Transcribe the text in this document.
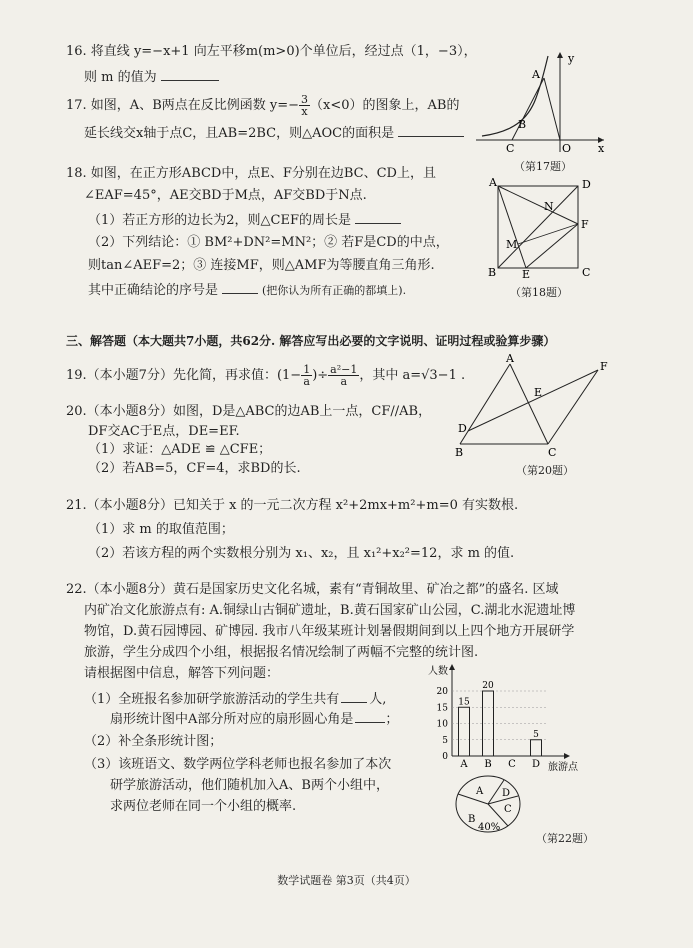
16. 将直线 y=−x+1 向左平移m(m>0)个单位后，经过点（1，−3），
则 m 的值为
17. 如图，A、B两点在反比例函数 $y=- \frac{3}{x} (x<0)$的图象上，AB的
延长线交x轴于点C，且AB=2BC，则△AOC的面积是
y
x
A
B
C	O
（第17题）
18. 如图，在正方形ABCD中，点E、F分别在边BC、CD上，且
∠EAF=45°，AE交BD于M点，AF交BD于N点.
（1）若正方形的边长为2，则△CEF的周长是
（2）下列结论：① BM²+DN²=MN²；② 若F是CD的中点，
则tan∠AEF=2；③ 连接MF，则△AMF为等腰直角三角形.
其中正确结论的序号是	(把你认为所有正确的都填上).
A	D
B	C
E
F
M
N
（第18题）
三、解答题（本大题共7小题，共62分. 解答应写出必要的文字说明、证明过程或验算步骤）
19.（本小题7分）先化简，再求值：($1- \frac{1}{a}$ )÷ $\frac{\text{a²−1}}{a}$ ，其中 a=√3−1 .
20.（本小题8分）如图，D是△ABC的边AB上一点，CF//AB，
DF交AC于E点，DE=EF.
（1）求证：△ADE ≌ △CFE；
（2）若AB=5，CF=4，求BD的长.
A
B	C
D
E
F
（第20题）
21.（本小题8分）已知关于 x 的一元二次方程 x²+2mx+m²+m=0 有实数根.
（1）求 m 的取值范围；
（2）若该方程的两个实数根分别为 x₁、x₂，且 x₁²+x₂²=12，求 m 的值.
22.（本小题8分）黄石是国家历史文化名城，素有“青铜故里、矿冶之都”的盛名. 区域
内矿冶文化旅游点有: A.铜绿山古铜矿遗址，B.黄石国家矿山公园，C.湖北水泥遗址博
物馆，D.黄石园博园、矿博园. 我市八年级某班计划暑假期间到以上四个地方开展研学
旅游，学生分成四个小组，根据报名情况绘制了两幅不完整的统计图.
请根据图中信息，解答下列问题：
（1）全班报名参加研学旅游活动的学生共有 人,
扇形统计图中A部分所对应的扇形圆心角是 ；
（2）补全条形统计图；
（3）该班语文、数学两位学科老师也报名参加了本次
研学旅游活动，他们随机加入A、B两个小组中，
求两位老师在同一个小组的概率.
0
5
10
15
20
15
20
5
A B C D
人数
旅游点
A D
C
B
40%
（第22题）
数学试题卷 第3页（共4页）
